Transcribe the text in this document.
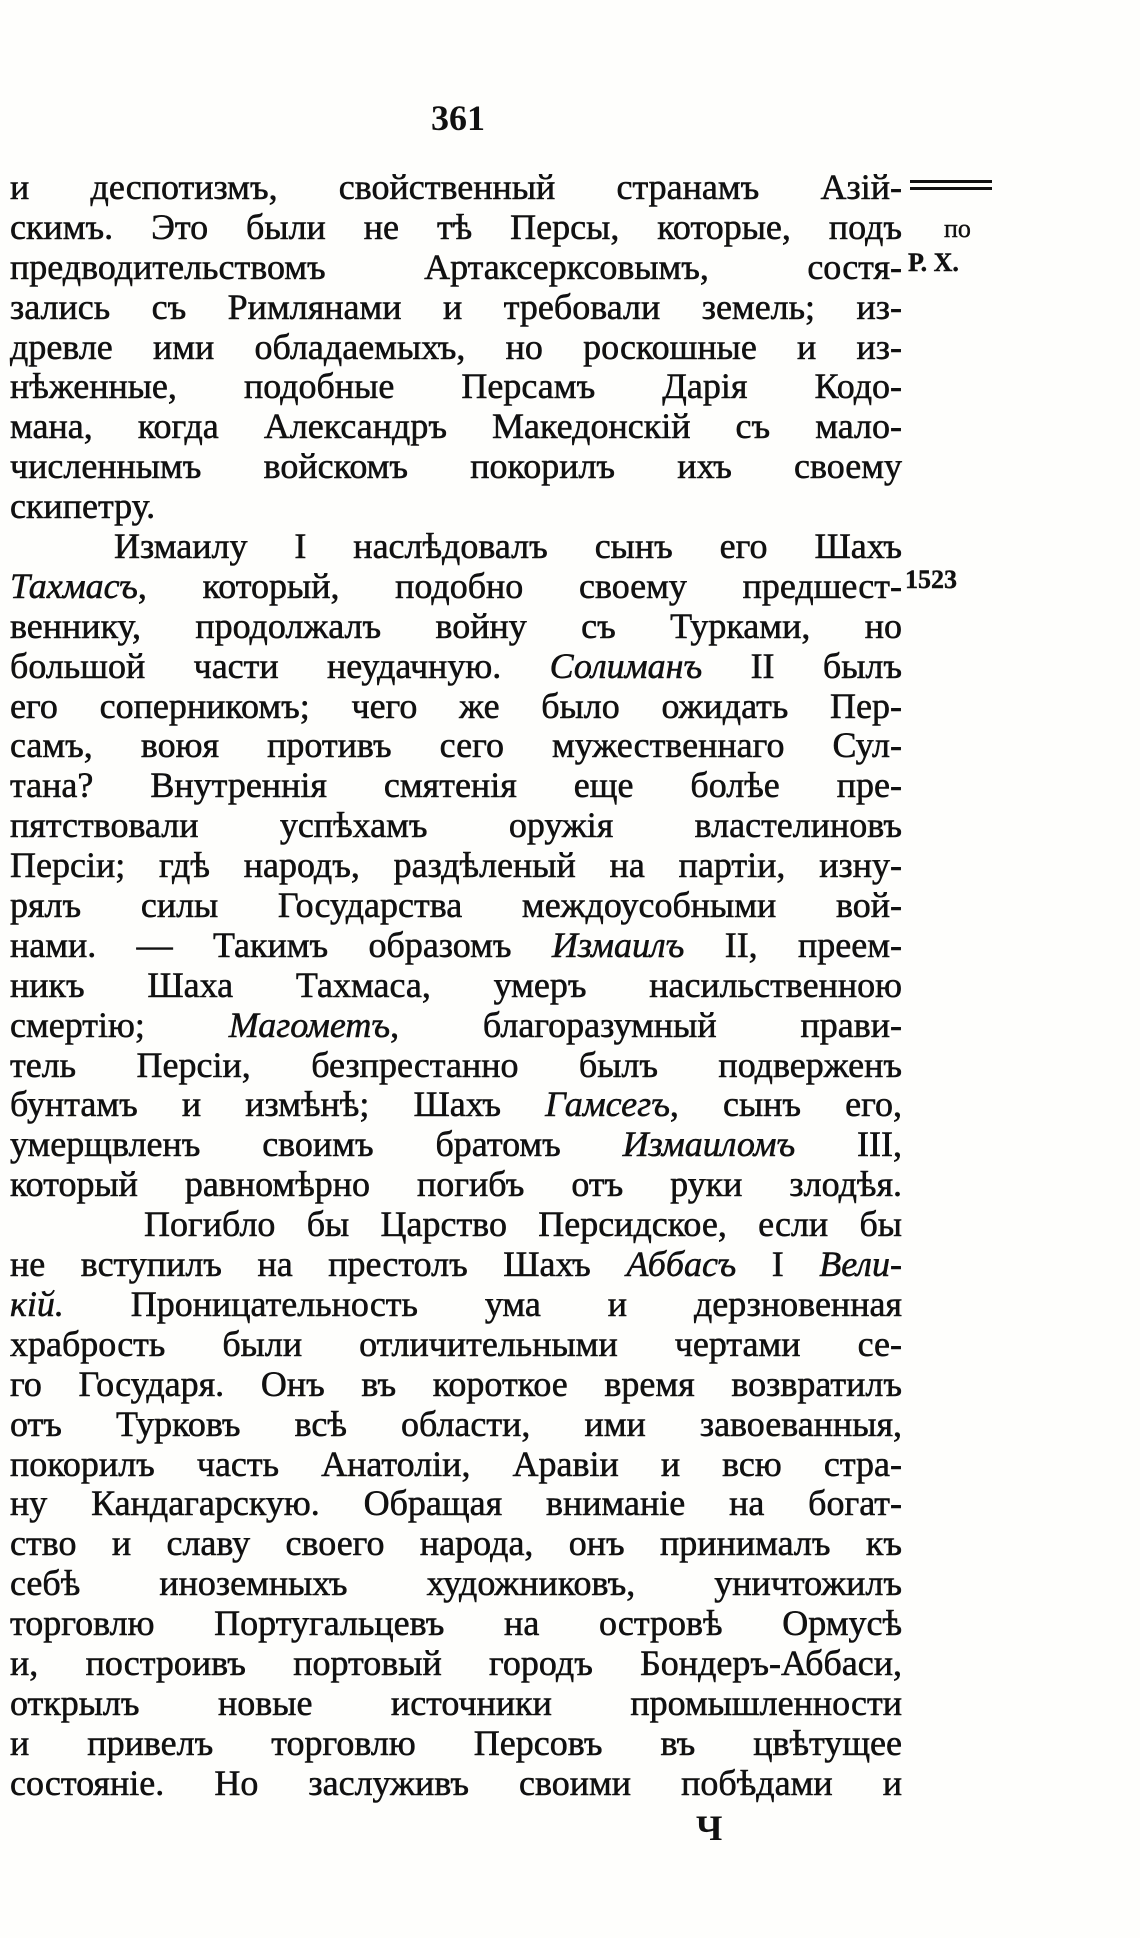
361
по
Р. Х.
1523
и деспотизмъ, свойственный странамъ Азій-
скимъ. Это были не тѣ Персы, которые, подъ
предводительствомъ Артаксерксовымъ, состя-
зались съ Римлянами и требовали земель; из-
древле ими обладаемыхъ, но роскошные и из-
нѣженные, подобные Персамъ Дарія Кодо-
мана, когда Александръ Македонскій съ мало-
численнымъ войскомъ покорилъ ихъ своему
скипетру.
Измаилу I наслѣдовалъ сынъ его Шахъ
Тахмасъ, который, подобно своему предшест-
веннику, продолжалъ войну съ Турками, но
большой части неудачную. Солиманъ II былъ
его соперникомъ; чего же было ожидать Пер-
самъ, воюя противъ сего мужественнаго Сул-
тана? Внутреннія смятенія еще болѣе пре-
пятствовали успѣхамъ оружія властелиновъ
Персіи; гдѣ народъ, раздѣленый на партіи, изну-
рялъ силы Государства междоусобными вой-
нами. — Такимъ образомъ Измаилъ II, преем-
никъ Шаха Тахмаса, умеръ насильственною
смертію; Магометъ, благоразумный прави-
тель Персіи, безпрестанно былъ подверженъ
бунтамъ и измѣнѣ; Шахъ Гамсегъ, сынъ его,
умерщвленъ своимъ братомъ Измаиломъ III,
который равномѣрно погибъ отъ руки злодѣя.
Погибло бы Царство Персидское, если бы
не вступилъ на престолъ Шахъ Аббасъ I Вели-
кій. Проницательность ума и дерзновенная
храбрость были отличительными чертами се-
го Государя. Онъ въ короткое время возвратилъ
отъ Турковъ всѣ области, ими завоеванныя,
покорилъ часть Анатоліи, Аравіи и всю стра-
ну Кандагарскую. Обращая вниманіе на богат-
ство и славу своего народа, онъ принималъ къ
себѣ иноземныхъ художниковъ, уничтожилъ
торговлю Португальцевъ на островѣ Ормусѣ
и, построивъ портовый городъ Бондеръ-Аббаси,
открылъ новые источники промышленности
и привелъ торговлю Персовъ въ цвѣтущее
состояніе. Но заслуживъ своими побѣдами и
Ч
